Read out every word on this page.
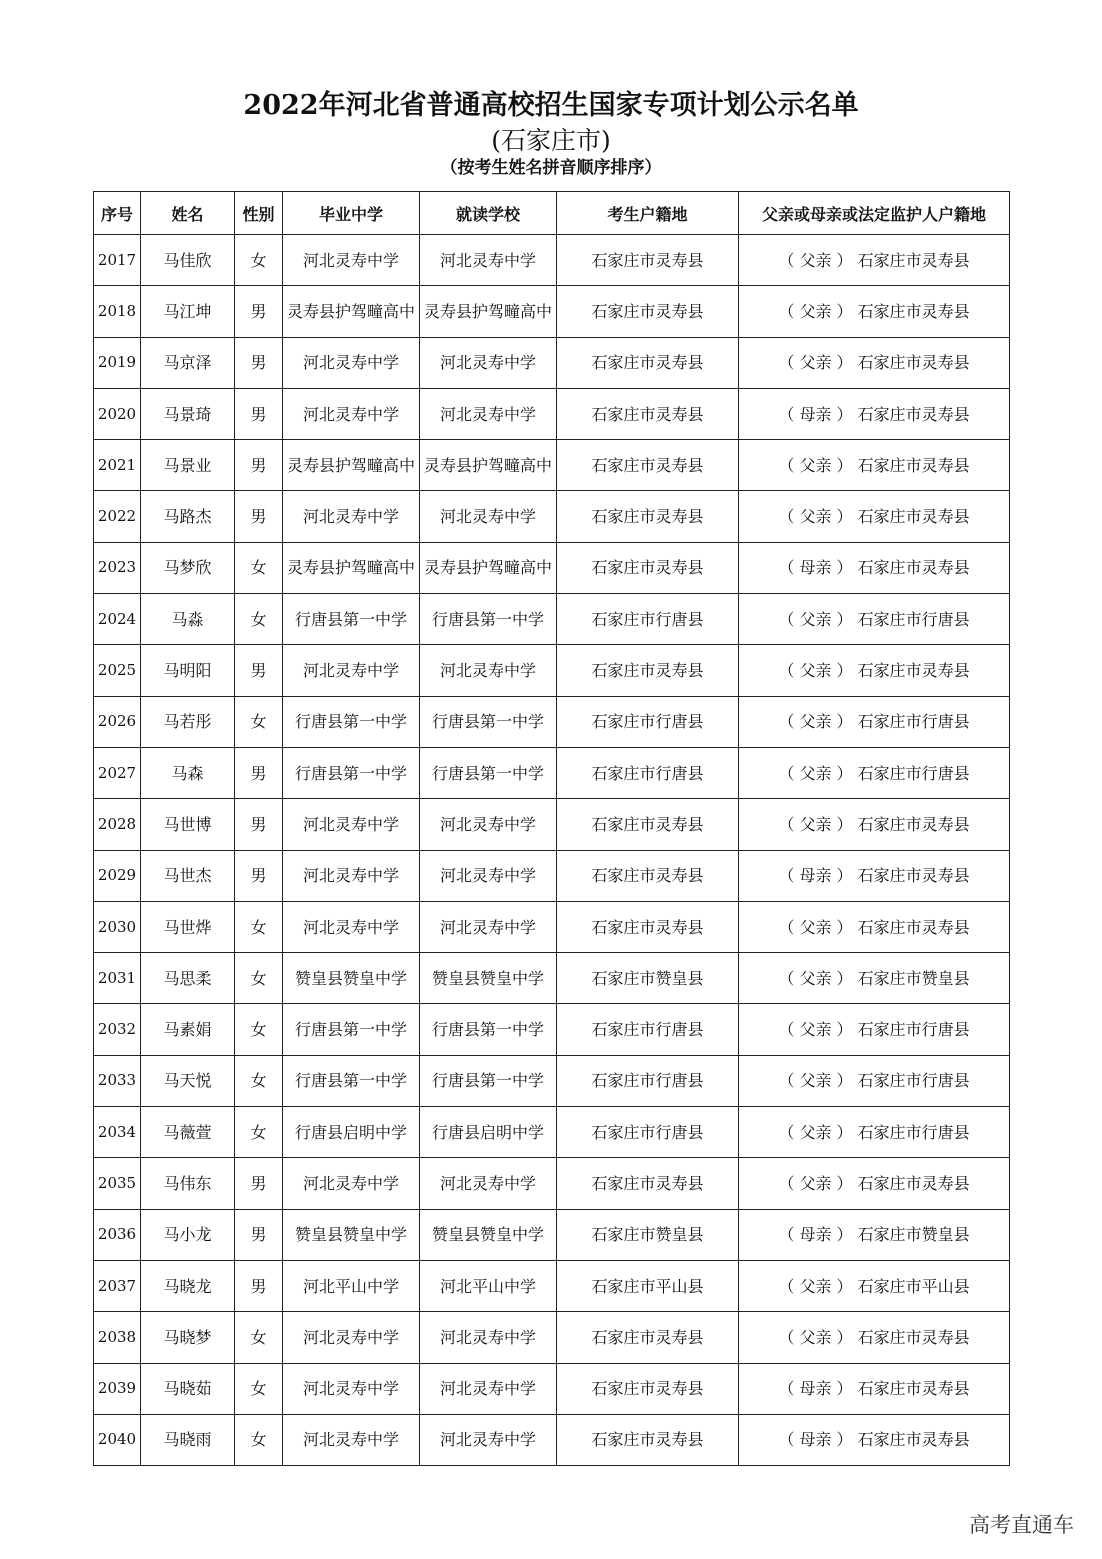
2022年河北省普通高校招生国家专项计划公示名单
(石家庄市)
（按考生姓名拼音顺序排序）
序号	姓名	性别	毕业中学	就读学校	考生户籍地	父亲或母亲或法定监护人户籍地
2017	马佳欣	女	河北灵寿中学	河北灵寿中学	石家庄市灵寿县	（ 父亲 ） 石家庄市灵寿县
2018	马江坤	男	灵寿县护驾疃高中	灵寿县护驾疃高中	石家庄市灵寿县	（ 父亲 ） 石家庄市灵寿县
2019	马京泽	男	河北灵寿中学	河北灵寿中学	石家庄市灵寿县	（ 父亲 ） 石家庄市灵寿县
2020	马景琦	男	河北灵寿中学	河北灵寿中学	石家庄市灵寿县	（ 母亲 ） 石家庄市灵寿县
2021	马景业	男	灵寿县护驾疃高中	灵寿县护驾疃高中	石家庄市灵寿县	（ 父亲 ） 石家庄市灵寿县
2022	马路杰	男	河北灵寿中学	河北灵寿中学	石家庄市灵寿县	（ 父亲 ） 石家庄市灵寿县
2023	马梦欣	女	灵寿县护驾疃高中	灵寿县护驾疃高中	石家庄市灵寿县	（ 母亲 ） 石家庄市灵寿县
2024	马淼	女	行唐县第一中学	行唐县第一中学	石家庄市行唐县	（ 父亲 ） 石家庄市行唐县
2025	马明阳	男	河北灵寿中学	河北灵寿中学	石家庄市灵寿县	（ 父亲 ） 石家庄市灵寿县
2026	马若彤	女	行唐县第一中学	行唐县第一中学	石家庄市行唐县	（ 父亲 ） 石家庄市行唐县
2027	马森	男	行唐县第一中学	行唐县第一中学	石家庄市行唐县	（ 父亲 ） 石家庄市行唐县
2028	马世博	男	河北灵寿中学	河北灵寿中学	石家庄市灵寿县	（ 父亲 ） 石家庄市灵寿县
2029	马世杰	男	河北灵寿中学	河北灵寿中学	石家庄市灵寿县	（ 母亲 ） 石家庄市灵寿县
2030	马世烨	女	河北灵寿中学	河北灵寿中学	石家庄市灵寿县	（ 父亲 ） 石家庄市灵寿县
2031	马思柔	女	赞皇县赞皇中学	赞皇县赞皇中学	石家庄市赞皇县	（ 父亲 ） 石家庄市赞皇县
2032	马素娟	女	行唐县第一中学	行唐县第一中学	石家庄市行唐县	（ 父亲 ） 石家庄市行唐县
2033	马天悦	女	行唐县第一中学	行唐县第一中学	石家庄市行唐县	（ 父亲 ） 石家庄市行唐县
2034	马薇萱	女	行唐县启明中学	行唐县启明中学	石家庄市行唐县	（ 父亲 ） 石家庄市行唐县
2035	马伟东	男	河北灵寿中学	河北灵寿中学	石家庄市灵寿县	（ 父亲 ） 石家庄市灵寿县
2036	马小龙	男	赞皇县赞皇中学	赞皇县赞皇中学	石家庄市赞皇县	（ 母亲 ） 石家庄市赞皇县
2037	马晓龙	男	河北平山中学	河北平山中学	石家庄市平山县	（ 父亲 ） 石家庄市平山县
2038	马晓梦	女	河北灵寿中学	河北灵寿中学	石家庄市灵寿县	（ 父亲 ） 石家庄市灵寿县
2039	马晓茹	女	河北灵寿中学	河北灵寿中学	石家庄市灵寿县	（ 母亲 ） 石家庄市灵寿县
2040	马晓雨	女	河北灵寿中学	河北灵寿中学	石家庄市灵寿县	（ 母亲 ） 石家庄市灵寿县
高考直通车
